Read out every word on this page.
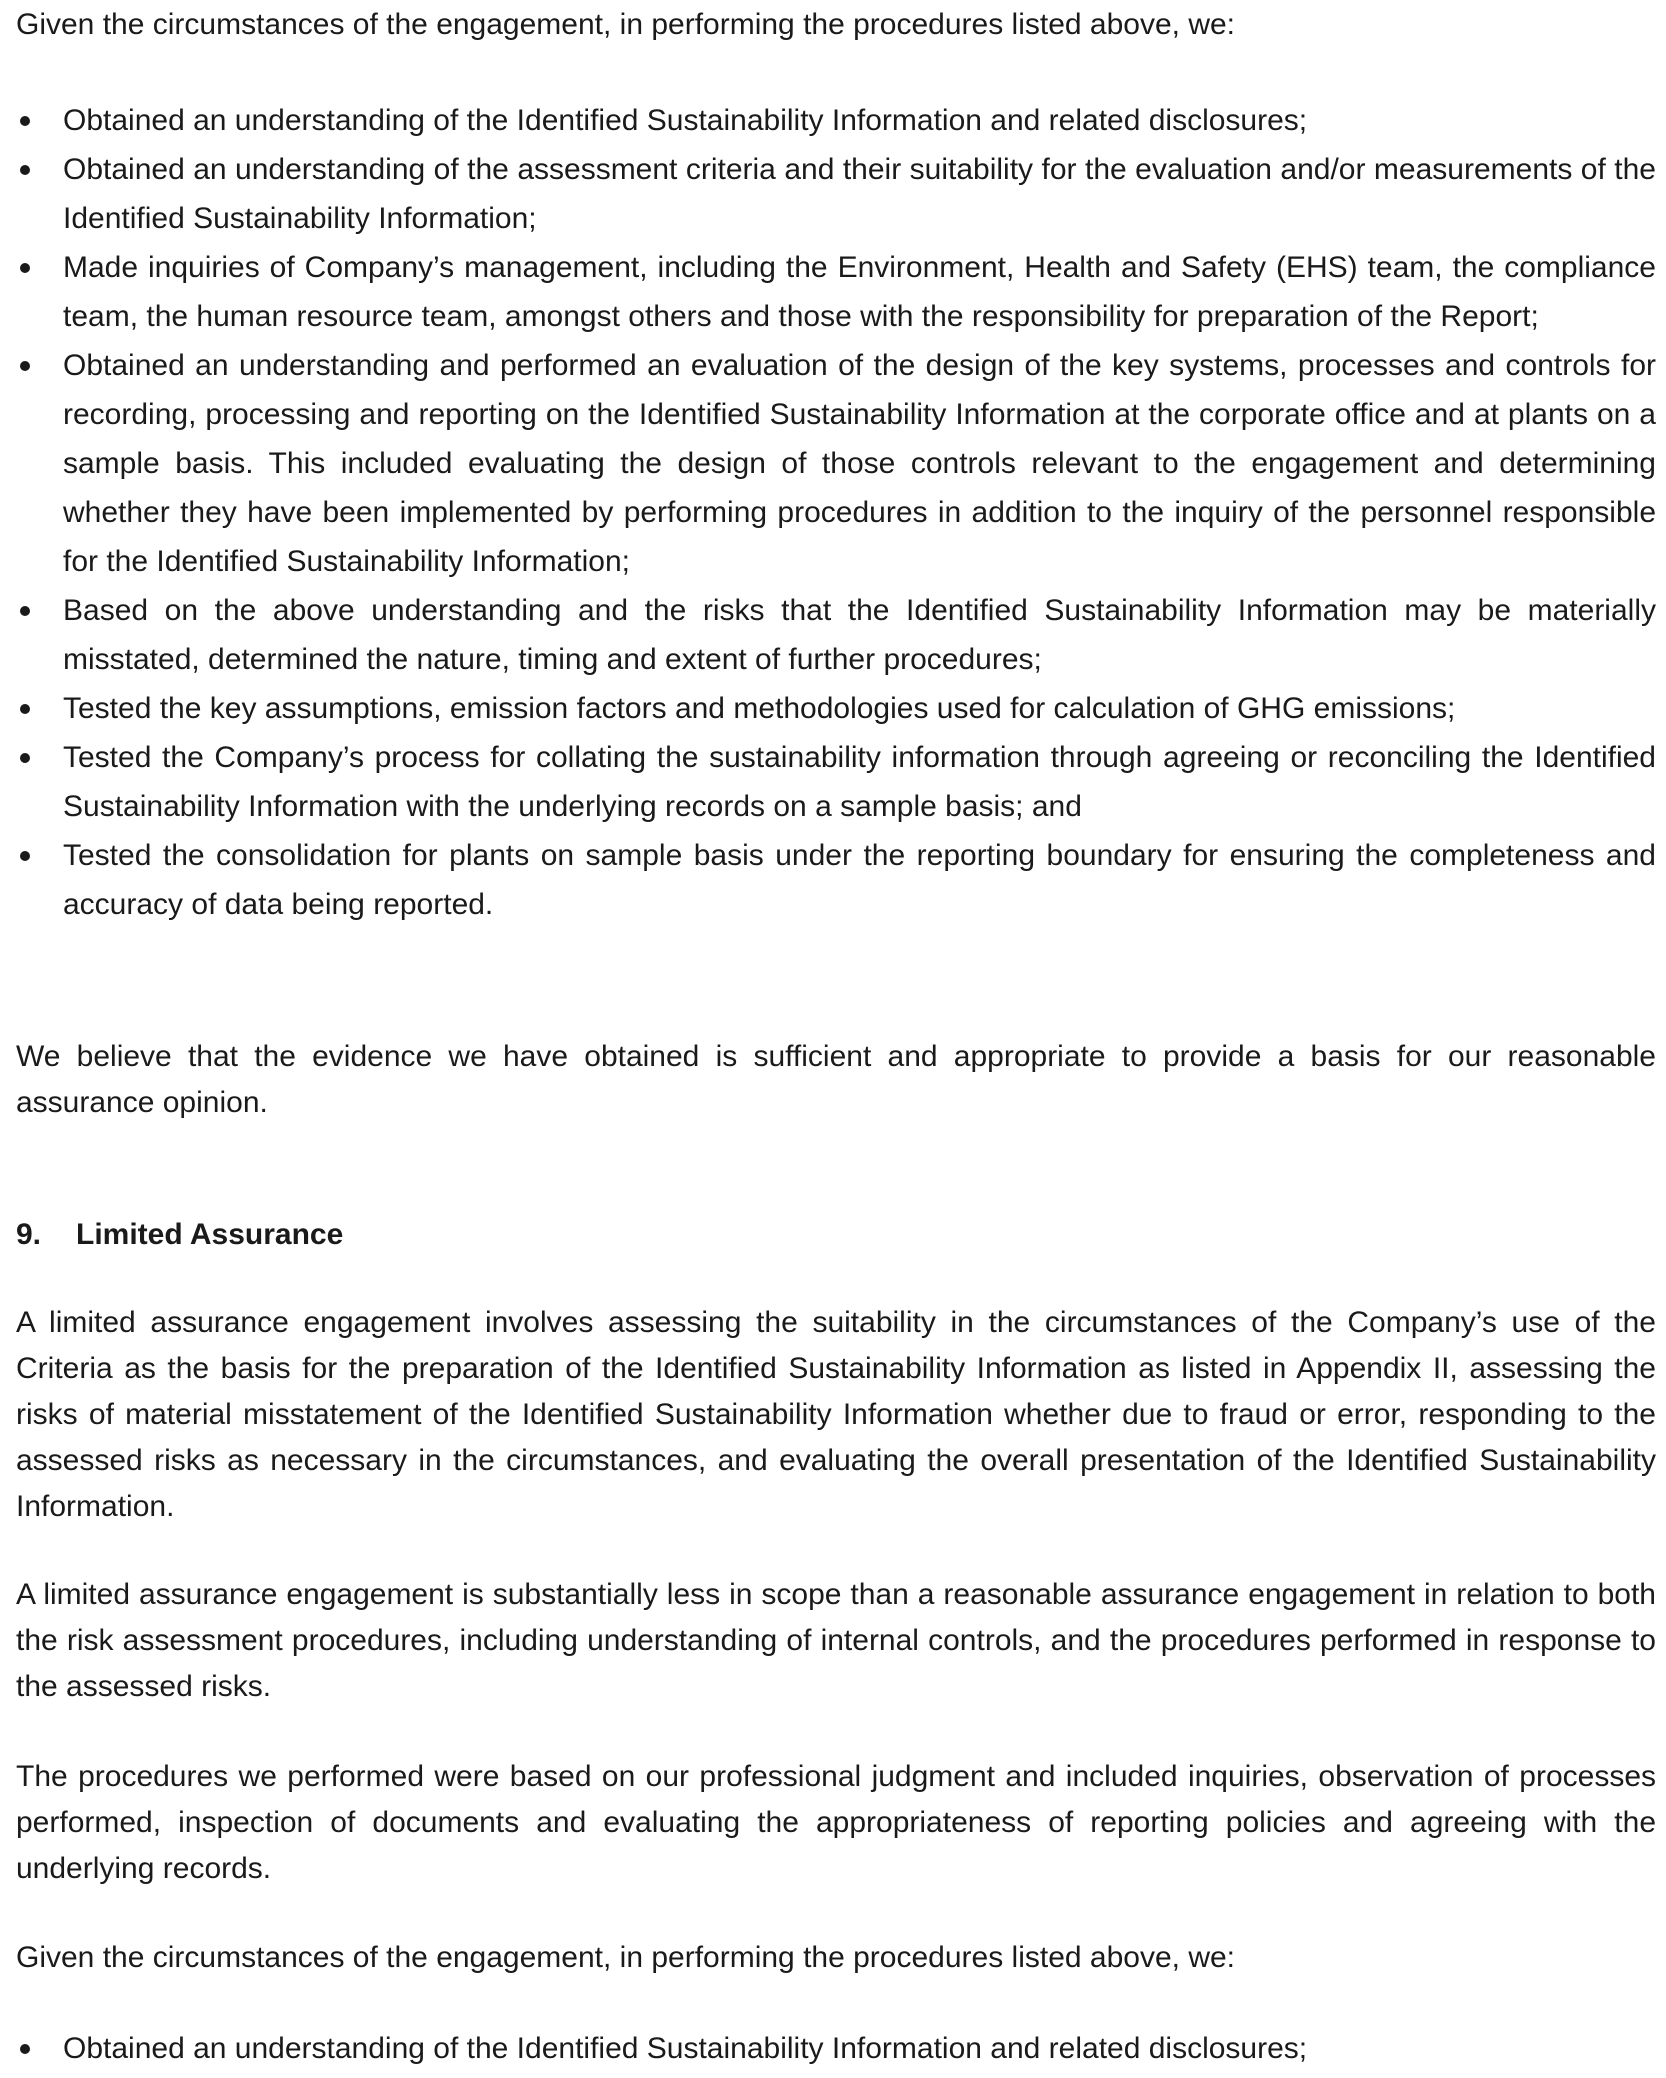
Given the circumstances of the engagement, in performing the procedures listed above, we:

Obtained an understanding of the Identified Sustainability Information and related disclosures;
Obtained an understanding of the assessment criteria and their suitability for the evaluation and/or measurements of the Identified Sustainability Information;
Made inquiries of Company’s management, including the Environment, Health and Safety (EHS) team, the compliance team, the human resource team, amongst others and those with the responsibility for preparation of the Report;
Obtained an understanding and performed an evaluation of the design of the key systems, processes and controls for recording, processing and reporting on the Identified Sustainability Information at the corporate office and at plants on a sample basis. This included evaluating the design of those controls relevant to the engagement and determining whether they have been implemented by performing procedures in addition to the inquiry of the personnel responsible for the Identified Sustainability Information;
Based on the above understanding and the risks that the Identified Sustainability Information may be materially misstated, determined the nature, timing and extent of further procedures;
Tested the key assumptions, emission factors and methodologies used for calculation of GHG emissions;
Tested the Company’s process for collating the sustainability information through agreeing or reconciling the Identified Sustainability Information with the underlying records on a sample basis; and
Tested the consolidation for plants on sample basis under the reporting boundary for ensuring the completeness and accuracy of data being reported.

We believe that the evidence we have obtained is sufficient and appropriate to provide a basis for our reasonable assurance opinion.

9. Limited Assurance

A limited assurance engagement involves assessing the suitability in the circumstances of the Company’s use of the Criteria as the basis for the preparation of the Identified Sustainability Information as listed in Appendix II, assessing the risks of material misstatement of the Identified Sustainability Information whether due to fraud or error, responding to the assessed risks as necessary in the circumstances, and evaluating the overall presentation of the Identified Sustainability Information.

A limited assurance engagement is substantially less in scope than a reasonable assurance engagement in relation to both the risk assessment procedures, including understanding of internal controls, and the procedures performed in response to the assessed risks.

The procedures we performed were based on our professional judgment and included inquiries, observation of processes performed, inspection of documents and evaluating the appropriateness of reporting policies and agreeing with the underlying records.

Given the circumstances of the engagement, in performing the procedures listed above, we:

Obtained an understanding of the Identified Sustainability Information and related disclosures;
